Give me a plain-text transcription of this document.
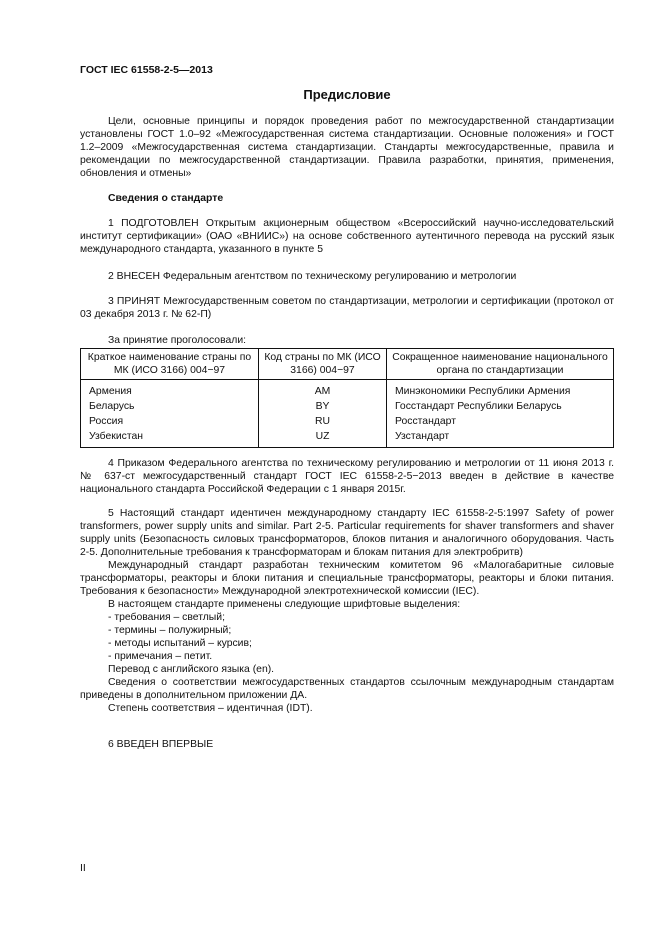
ГОСТ IEC 61558-2-5—2013
Предисловие
Цели, основные принципы и порядок проведения работ по межгосударственной стандартизации установлены ГОСТ 1.0–92 «Межгосударственная система стандартизации. Основные положения» и ГОСТ 1.2–2009 «Межгосударственная система стандартизации. Стандарты межгосударственные, правила и рекомендации по межгосударственной стандартизации. Правила разработки, принятия, применения, обновления и отмены»
Сведения о стандарте
1 ПОДГОТОВЛЕН Открытым акционерным обществом «Всероссийский научно-исследовательский институт сертификации» (ОАО «ВНИИС») на основе собственного аутентичного перевода на русский язык международного стандарта, указанного в пункте 5
2 ВНЕСЕН Федеральным агентством по техническому регулированию и метрологии
3 ПРИНЯТ Межгосударственным советом по стандартизации, метрологии и сертификации (протокол от 03 декабря 2013 г. № 62-П)
За принятие проголосовали:
Краткое наименование страны по МК (ИСО 3166) 004−97	Код страны по МК (ИСО 3166) 004−97	Сокращенное наименование национального органа по стандартизации
Армения	AM	Минэкономики Республики Армения
Беларусь	BY	Госстандарт Республики Беларусь
Россия	RU	Росстандарт
Узбекистан	UZ	Узстандарт
4 Приказом Федерального агентства по техническому регулированию и метрологии от 11 июня 2013 г. № 637-ст межгосударственный стандарт ГОСТ IEC 61558-2-5−2013 введен в действие в качестве национального стандарта Российской Федерации с 1 января 2015г.
5 Настоящий стандарт идентичен международному стандарту IEC 61558-2-5:1997 Safety of power transformers, power supply units and similar. Part 2-5. Particular requirements for shaver transformers and shaver supply units (Безопасность силовых трансформаторов, блоков питания и аналогичного оборудования. Часть 2-5. Дополнительные требования к трансформаторам и блокам питания для электробритв)
Международный стандарт разработан техническим комитетом 96 «Малогабаритные силовые трансформаторы, реакторы и блоки питания и специальные трансформаторы, реакторы и блоки питания. Требования к безопасности» Международной электротехнической комиссии (IEC).
В настоящем стандарте применены следующие шрифтовые выделения:
- требования – светлый;
- термины – полужирный;
- методы испытаний – курсив;
- примечания – петит.
Перевод с английского языка (en).
Сведения о соответствии межгосударственных стандартов ссылочным международным стандартам приведены в дополнительном приложении ДА.
Степень соответствия – идентичная (IDT).
6 ВВЕДЕН ВПЕРВЫЕ
II
